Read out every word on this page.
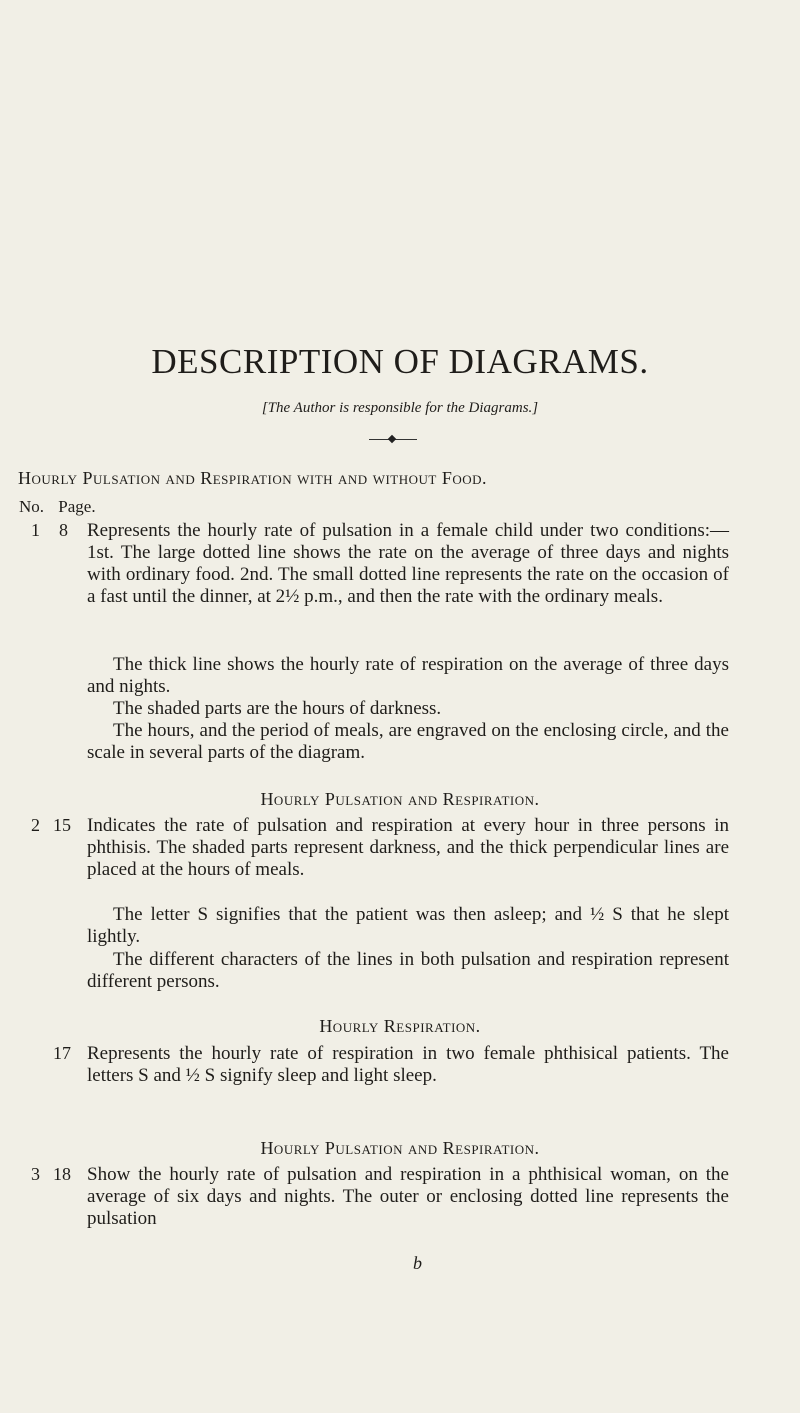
DESCRIPTION OF DIAGRAMS.
[The Author is responsible for the Diagrams.]
Hourly Pulsation and Respiration with and without Food.
No. Page.
1 8 Represents the hourly rate of pulsation in a female child under two conditions:—1st. The large dotted line shows the rate on the average of three days and nights with ordinary food. 2nd. The small dotted line represents the rate on the occasion of a fast until the dinner, at 2½ p.m., and then the rate with the ordinary meals.
The thick line shows the hourly rate of respiration on the average of three days and nights.
The shaded parts are the hours of darkness.
The hours, and the period of meals, are engraved on the enclosing circle, and the scale in several parts of the diagram.
Hourly Pulsation and Respiration.
2 15 Indicates the rate of pulsation and respiration at every hour in three persons in phthisis. The shaded parts represent darkness, and the thick perpendicular lines are placed at the hours of meals.
The letter S signifies that the patient was then asleep; and ½ S that he slept lightly.
The different characters of the lines in both pulsation and respiration represent different persons.
Hourly Respiration.
17 Represents the hourly rate of respiration in two female phthisical patients. The letters S and ½ S signify sleep and light sleep.
Hourly Pulsation and Respiration.
3 18 Show the hourly rate of pulsation and respiration in a phthisical woman, on the average of six days and nights. The outer or enclosing dotted line represents the pulsation
b
